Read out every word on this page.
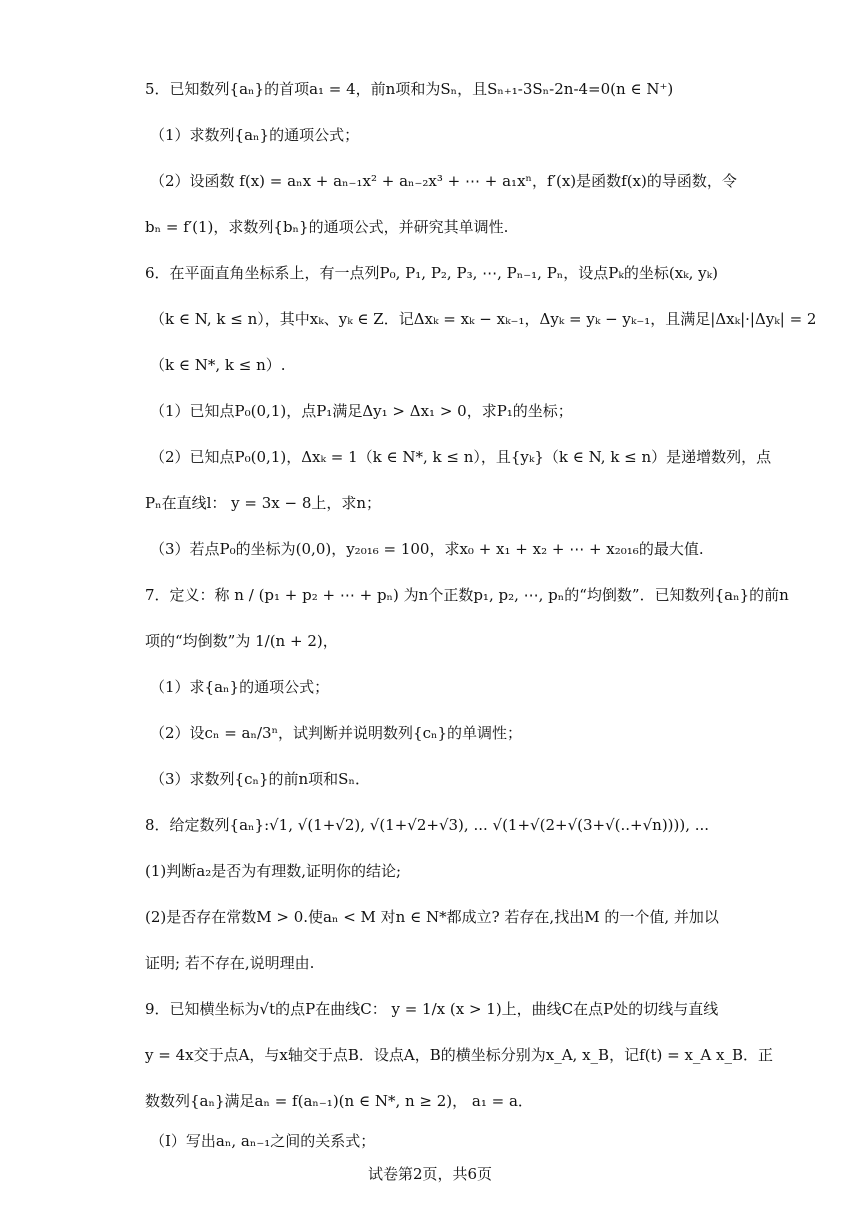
5．已知数列{aₙ}的首项a₁ = 4，前n项和为Sₙ，且Sₙ₊₁-3Sₙ-2n-4=0(n ∈ N⁺)
（1）求数列{aₙ}的通项公式；
（2）设函数 f(x) = aₙx + aₙ₋₁x² + aₙ₋₂x³ + ⋯ + a₁xⁿ，f′(x)是函数f(x)的导函数，令
bₙ = f′(1)，求数列{bₙ}的通项公式，并研究其单调性.
6．在平面直角坐标系上，有一点列P₀, P₁, P₂, P₃, ⋯, Pₙ₋₁, Pₙ，设点Pₖ的坐标(xₖ, yₖ)
（k ∈ N, k ≤ n），其中xₖ、yₖ ∈ Z．记Δxₖ = xₖ − xₖ₋₁，Δyₖ = yₖ − yₖ₋₁，且满足|Δxₖ|·|Δyₖ| = 2
（k ∈ N*, k ≤ n）.
（1）已知点P₀(0,1)，点P₁满足Δy₁ > Δx₁ > 0，求P₁的坐标；
（2）已知点P₀(0,1)，Δxₖ = 1（k ∈ N*, k ≤ n），且{yₖ}（k ∈ N, k ≤ n）是递增数列，点
Pₙ在直线l： y = 3x − 8上，求n；
（3）若点P₀的坐标为(0,0)，y₂₀₁₆ = 100，求x₀ + x₁ + x₂ + ⋯ + x₂₀₁₆的最大值.
7．定义：称 n / (p₁ + p₂ + ⋯ + pₙ) 为n个正数p₁, p₂, ⋯, pₙ的“均倒数”．已知数列{aₙ}的前n
项的“均倒数”为 1/(n + 2)，
（1）求{aₙ}的通项公式；
（2）设cₙ = aₙ/3ⁿ，试判断并说明数列{cₙ}的单调性；
（3）求数列{cₙ}的前n项和Sₙ．
8．给定数列{aₙ}:√1, √(1+√2), √(1+√2+√3), ... √(1+√(2+√(3+√(..+√n)))), ...
(1)判断a₂是否为有理数,证明你的结论;
(2)是否存在常数M > 0.使aₙ < M 对n ∈ N*都成立? 若存在,找出M 的一个值, 并加以
证明; 若不存在,说明理由.
9．已知横坐标为√t的点P在曲线C： y = 1/x (x > 1)上，曲线C在点P处的切线与直线
y = 4x交于点A，与x轴交于点B．设点A，B的横坐标分别为x_A, x_B，记f(t) = x_A x_B．正
数数列{aₙ}满足aₙ = f(aₙ₋₁)(n ∈ N*, n ≥ 2)， a₁ = a．
（I）写出aₙ, aₙ₋₁之间的关系式；
试卷第2页，共6页
